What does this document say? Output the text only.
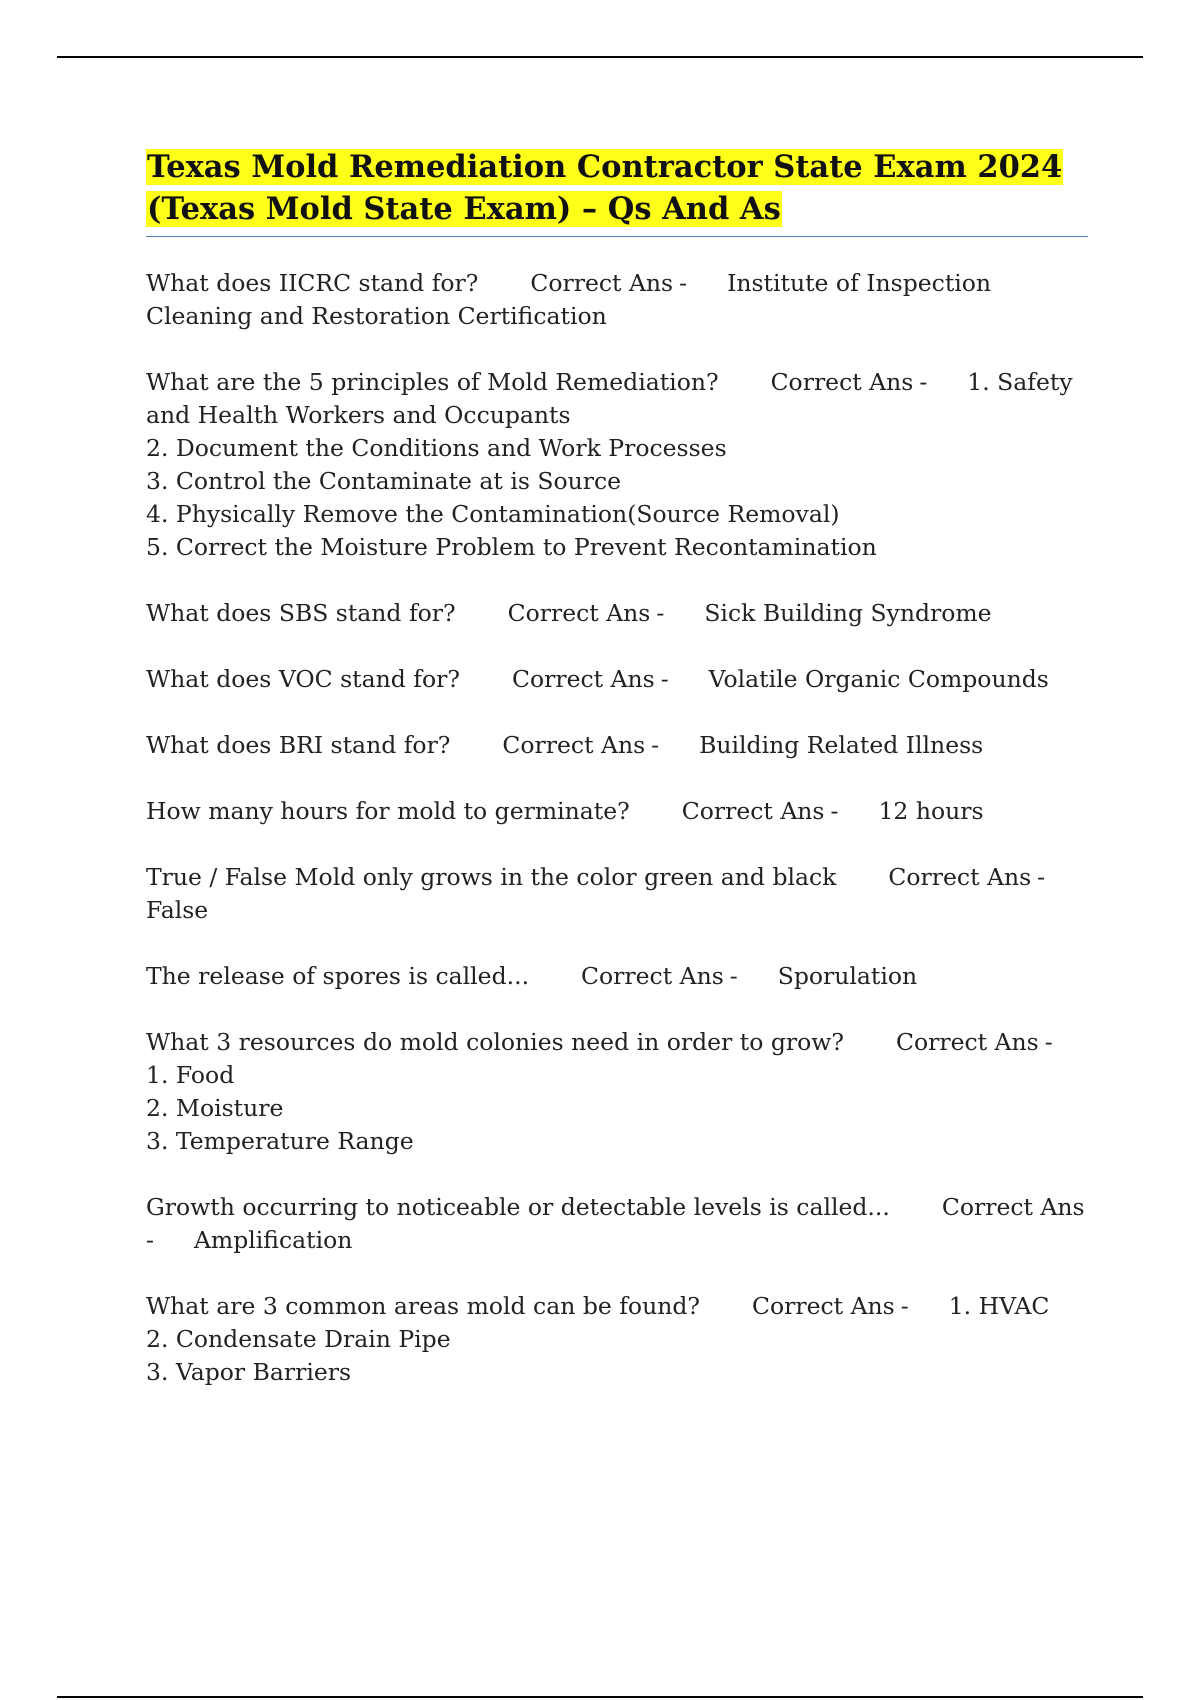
Texas Mold Remediation Contractor State Exam 2024
(Texas Mold State Exam) – Qs And As
What does IICRC stand for? Correct Ans - Institute of Inspection
Cleaning and Restoration Certification
What are the 5 principles of Mold Remediation? Correct Ans - 1. Safety
and Health Workers and Occupants
2. Document the Conditions and Work Processes
3. Control the Contaminate at is Source
4. Physically Remove the Contamination(Source Removal)
5. Correct the Moisture Problem to Prevent Recontamination
What does SBS stand for? Correct Ans - Sick Building Syndrome
What does VOC stand for? Correct Ans - Volatile Organic Compounds
What does BRI stand for? Correct Ans - Building Related Illness
How many hours for mold to germinate? Correct Ans - 12 hours
True / False Mold only grows in the color green and black Correct Ans -
False
The release of spores is called... Correct Ans - Sporulation
What 3 resources do mold colonies need in order to grow? Correct Ans -
1. Food
2. Moisture
3. Temperature Range
Growth occurring to noticeable or detectable levels is called... Correct Ans
- Amplification
What are 3 common areas mold can be found? Correct Ans - 1. HVAC
2. Condensate Drain Pipe
3. Vapor Barriers
